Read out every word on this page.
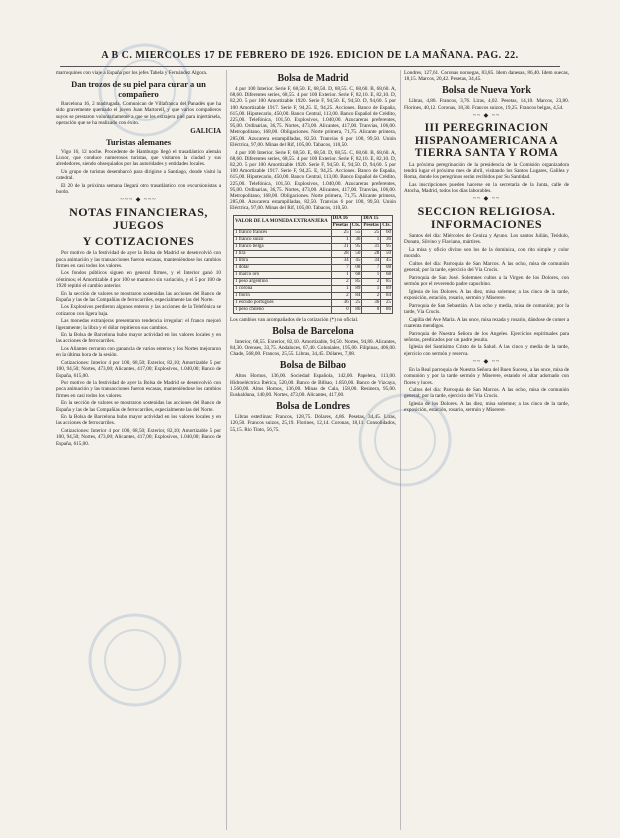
A B C. MIERCOLES 17 DE FEBRERO DE 1926. EDICION DE LA MAÑANA. PAG. 22.

marroquines con viaje a España por los jefes Tahela y Fernández Algora.

Dan trozos de su piel para curar a un compañero

Barcelona 16, 2 madrugada. Comunican de Villafranca del Panadés que ha sido gravemente quemado el joven Juan Martorell, y que varios compañeros suyos se prestaron voluntariamente a que se les extrajera piel para injertársela, operación que se ha realizado con éxito.

GALICIA
Turistas alemanes

Vigo 16, 12 noche. Procedente de Hamburgo llegó el trasatlántico alemán Luxor, que conduce numerosos turistas, que visitaron la ciudad y sus alrededores, siendo obsequiados por las autoridades y entidades locales.

Un grupo de turistas desembarcó para dirigirse a Santiago, donde visitó la catedral.

El 20 de la próxima semana llegará otro trasatlántico con excursionistas a bordo.

~~~ ◆ ~~~
NOTAS FINANCIERAS, JUEGOS
Y COTIZACIONES

Por motivo de la festividad de ayer la Bolsa de Madrid se desenvolvió con poca animación y las transacciones fueron escasas, manteniéndose los cambios firmes en casi todos los valores.

Los fondos públicos siguen en general firmes, y el Interior ganó 10 céntimos; el Amortizable 4 por 100 se mantuvo sin variación, y el 5 por 100 de 1920 repitió el cambio anterior.

En la sección de valores se mostraron sostenidas las acciones del Banco de España y las de las Compañías de ferrocarriles, especialmente las del Norte.

Los Explosivos perdieron algunos enteros y las acciones de la Telefónica se cotizaron con ligera baja.

Las monedas extranjeras presentaron tendencia irregular: el franco mejoró ligeramente; la libra y el dólar repitieron sus cambios.

En la Bolsa de Barcelona hubo mayor actividad en los valores locales y en las acciones de ferrocarriles.

Los Aliantes cerraron con ganancia de varios enteros y los Nortes mejoraron en la última hora de la sesión.

Cotizaciones: Interior 4 por 100, 68,50; Exterior, 82,10; Amortizable 5 por 100, 94,50; Nortes, 473,00; Alicantes, 417,00; Explosivos, 1.040,00; Banco de España, 615,00.

Por motivo de la festividad de ayer la Bolsa de Madrid se desenvolvió con poca animación y las transacciones fueron escasas, manteniéndose los cambios firmes en casi todos los valores.

En la sección de valores se mostraron sostenidas las acciones del Banco de España y las de las Compañías de ferrocarriles, especialmente las del Norte.

En la Bolsa de Barcelona hubo mayor actividad en los valores locales y en las acciones de ferrocarriles.

Cotizaciones: Interior 4 por 100, 68,50; Exterior, 82,10; Amortizable 5 por 100, 94,50; Nortes, 473,00; Alicantes, 417,00; Explosivos, 1.040,00; Banco de España, 615,00.

Bolsa de Madrid

4 por 100 Interior. Serie F, 68,50. E, 68,50. D, 68,55. C, 68,60. B, 68,60. A, 68,60. Diferentes series, 68,55. 4 por 100 Exterior. Serie F, 82,10. E, 82,10. D, 82,20. 5 por 100 Amortizable 1920. Serie F, 94,50. E, 94,50. D, 94,60. 5 por 100 Amortizable 1917. Serie F, 94,25. E, 94,25. Acciones. Banco de España, 615,00. Hipotecario, 450,00. Banco Central, 113,00. Banco Español de Crédito, 225,00. Telefónica, 101,50. Explosivos, 1.040,00. Azucareras preferentes, 95,00. Ordinarias, 36,75. Nortes, 473,00. Alicantes, 417,00. Tranvías, 106,00. Metropolitano, 168,00. Obligaciones. Norte primera, 71,75. Alicante primera, 285,00. Azucarera estampilladas, 82,50. Tranvías 6 por 100, 99,50. Unión Eléctrica, 97,00. Minas del Rif, 105,00. Tabacos, 110,50.

4 por 100 Interior. Serie F, 68,50. E, 68,50. D, 68,55. C, 68,60. B, 68,60. A, 68,60. Diferentes series, 68,55. 4 por 100 Exterior. Serie F, 82,10. E, 82,10. D, 82,20. 5 por 100 Amortizable 1920. Serie F, 94,50. E, 94,50. D, 94,60. 5 por 100 Amortizable 1917. Serie F, 94,25. E, 94,25. Acciones. Banco de España, 615,00. Hipotecario, 450,00. Banco Central, 113,00. Banco Español de Crédito, 225,00. Telefónica, 101,50. Explosivos, 1.040,00. Azucareras preferentes, 95,00. Ordinarias, 36,75. Nortes, 473,00. Alicantes, 417,00. Tranvías, 106,00. Metropolitano, 168,00. Obligaciones. Norte primera, 71,75. Alicante primera, 285,00. Azucarera estampilladas, 82,50. Tranvías 6 por 100, 99,50. Unión Eléctrica, 97,00. Minas del Rif, 105,00. Tabacos, 110,50.

VALOR DE LA MONEDA EXTRANJERA	DIA 16		DIA 15	
	Pesetas	Cts.	Pesetas	Cts.
1 franco francés	25	55	25	60
1 franco suizo	1	36	1	36
1 franco belga	31	95	31	95
1 lira	28	50	28	50
1 libra	34	45	34	45
1 dólar	7	08	7	08
1 marco oro	1	68	1	68
1 peso argentino	2	85	2	85
1 corona	1	89	1	89
1 florín	2	84	2	84
1 escudo portugués	36	25	36	25
1 peso chileno	0	86	0	86

Los cambios van acompañados de la cotización (*) no oficial.

Bolsa de Barcelona

Interior, 68,55. Exterior, 82,10. Amortizable, 94,50. Nortes, 94,80. Alicantes, 84,30. Orenses, 33,75. Andaluces, 67,40. Coloniales, 195,00. Filipinas, 406,00. Chade, 568,00. Francos, 25,55. Libras, 34,45. Dólares, 7,08.

Bolsa de Bilbao

Altos Hornos, 136,00. Sociedad Española, 142,00. Papelera, 113,00. Hidroeléctrica Ibérica, 520,00. Banco de Bilbao, 1.850,00. Banco de Vizcaya, 1.560,00. Altos Hornos, 136,00. Minas de Cala, 158,00. Resinera, 95,00. Euskalduna, 140,00. Nortes, 473,00. Alicantes, 417,00.

Bolsa de Londres

Libras esterlinas: Francos, 128,75. Dólares, 4,86. Pesetas, 34,45. Liras, 120,50. Francos suizos, 25,19. Florines, 12,14. Coronas, 18,11. Consolidados, 55,15. Río Tinto, 56,75.

Londres, 127,61. Coronas noruegas, 83,85. Idem danesas, 86,40. Idem suecas, 18,15. Marcos, 20,42. Pesetas, 34,45.

Bolsa de Nueva York

Libras, 4,86. Francos, 3,76. Liras, 4,02. Pesetas, 14,10. Marcos, 23,80. Florines, 40,12. Coronas, 18,30. Francos suizos, 19,25. Francos belgas, 4,54.

~~ ◆ ~~
III PEREGRINACION HISPANOAMERICANA A TIERRA SANTA Y ROMA

La próxima peregrinación de la presidencia de la Comisión organizadora tendrá lugar el próximo mes de abril, visitando los Santos Lugares, Galilea y Roma, donde los peregrinos serán recibidos por Su Santidad.

Las inscripciones pueden hacerse en la secretaría de la Junta, calle de Atocha, Madrid, todos los días laborables.

~~ ◆ ~~
SECCION RELIGIOSA. INFORMACIONES

Santos del día: Miércoles de Ceniza y Ayuno. Los santos Julián, Teódulo, Donato, Silvino y Flaviano, mártires.

La misa y oficio divino son los de la dominica, con rito simple y color morado.

Cultos del día: Parroquia de San Marcos. A las ocho, misa de comunión general; por la tarde, ejercicio del Vía Crucis.

Parroquia de San José. Solemnes cultos a la Virgen de los Dolores, con sermón por el reverendo padre capuchino.

Iglesia de los Dolores. A las diez, misa solemne; a las cinco de la tarde, exposición, estación, rosario, sermón y Miserere.

Parroquia de San Sebastián. A las ocho y media, misa de comunión; por la tarde, Vía Crucis.

Capilla del Ave María. A las once, misa rezada y rosario, dándose de comer a cuarenta mendigos.

Parroquia de Nuestra Señora de los Angeles. Ejercicios espirituales para señoras, predicados por un padre jesuita.

Iglesia del Santísimo Cristo de la Salud. A las cinco y media de la tarde, ejercicio con sermón y reserva.

~~ ◆ ~~

En la Real parroquia de Nuestra Señora del Buen Suceso, a las once, misa de comunión y por la tarde sermón y Miserere, estando el altar adornado con flores y luces.

Cultos del día: Parroquia de San Marcos. A las ocho, misa de comunión general; por la tarde, ejercicio del Vía Crucis.

Iglesia de los Dolores. A las diez, misa solemne; a las cinco de la tarde, exposición, estación, rosario, sermón y Miserere.
